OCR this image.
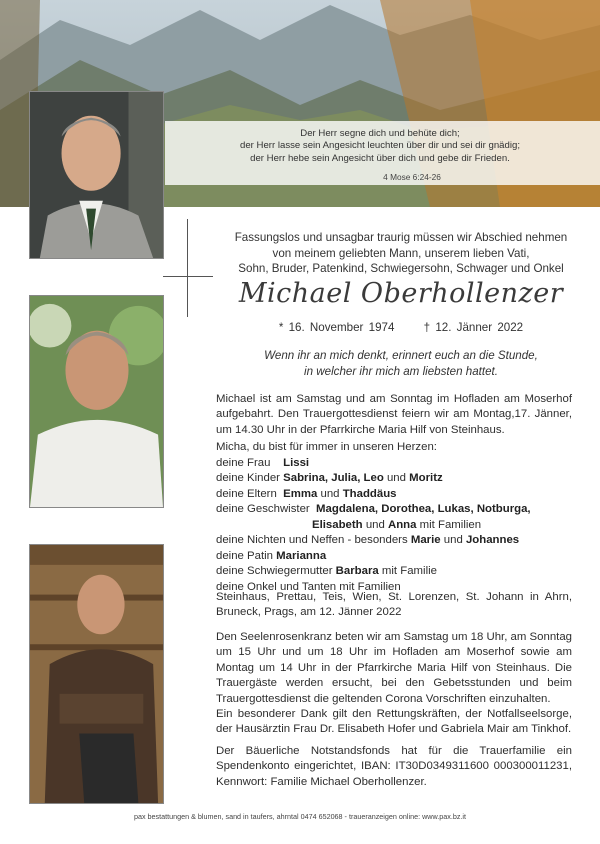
Der Herr segne dich und behüte dich;
der Herr lasse sein Angesicht leuchten über dir und sei dir gnädig;
der Herr hebe sein Angesicht über dich und gebe dir Frieden.
4 Mose 6:24-26
Fassungslos und unsagbar traurig müssen wir Abschied nehmen
von meinem geliebten Mann, unserem lieben Vati,
Sohn, Bruder, Patenkind, Schwiegersohn, Schwager und Onkel
Michael Oberhollenzer
* 16. November 1974	† 12. Jänner 2022
Wenn ihr an mich denkt, erinnert euch an die Stunde,
in welcher ihr mich am liebsten hattet.
Michael ist am Samstag und am Sonntag im Hofladen am Moserhof aufgebahrt. Den Trauergottesdienst feiern wir am Montag,17. Jänner, um 14.30 Uhr in der Pfarrkirche Maria Hilf von Steinhaus.
Micha, du bist für immer in unseren Herzen:
deine Frau Lissi
deine Kinder Sabrina, Julia, Leo und Moritz
deine Eltern Emma und Thaddäus
deine Geschwister Magdalena, Dorothea, Lukas, Notburga,
Elisabeth und Anna mit Familien
deine Nichten und Neffen - besonders Marie und Johannes
deine Patin Marianna
deine Schwiegermutter Barbara mit Familie
deine Onkel und Tanten mit Familien
Steinhaus, Prettau, Teis, Wien, St. Lorenzen, St. Johann in Ahrn, Bruneck, Prags, am 12. Jänner 2022
Den Seelenrosenkranz beten wir am Samstag um 18 Uhr, am Sonntag um 15 Uhr und um 18 Uhr im Hofladen am Moserhof sowie am Montag um 14 Uhr in der Pfarrkirche Maria Hilf von Steinhaus. Die Trauergäste werden ersucht, bei den Gebetsstunden und beim Trauergottesdienst die geltenden Corona Vorschriften einzuhalten.
Ein besonderer Dank gilt den Rettungskräften, der Notfallseelsorge, der Hausärztin Frau Dr. Elisabeth Hofer und Gabriela Mair am Tinkhof.
Der Bäuerliche Notstandsfonds hat für die Trauerfamilie ein Spendenkonto eingerichtet, IBAN: IT30D0349311600 000300011231, Kennwort: Familie Michael Oberhollenzer.
pax bestattungen & blumen, sand in taufers, ahrntal 0474 652068 - traueranzeigen online: www.pax.bz.it
